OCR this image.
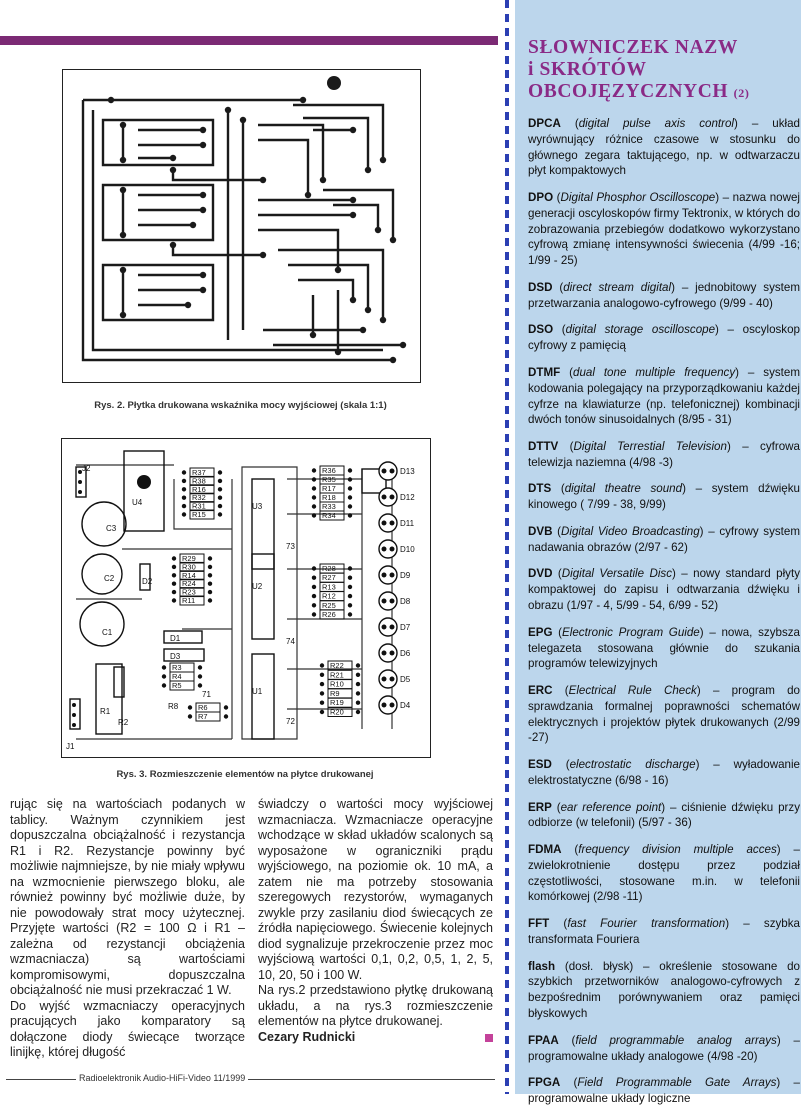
Rys. 2. Płytka drukowana wskaźnika mocy wyjściowej (skala 1:1)
J2
J1
U4	U3
U2
U1
C3
C2
C1
R1
R2
R8
D1
D3
D2
71
72
73
74
R37
R38
R16
R32
R31
R15
R36
R35
R17
R18
R33
R34
R29
R30
R14
R24
R23
R11
R28
R27
R13
R12
R25
R26
R3
R4
R5
R6
R7
R22
R21
R10
R9
R19
R20
D13
D12
D11
D10
D9
D8
D7
D6
D5
D4
Rys. 3. Rozmieszczenie elementów na płytce drukowanej

rując się na wartościach podanych w tablicy. Ważnym czynnikiem jest dopuszczalna obciążalność i rezystancja R1 i R2. Rezystancje powinny być możliwie najmniejsze, by nie miały wpływu na wzmocnienie pierwszego bloku, ale również powinny być możliwie duże, by nie powodowały strat mocy użytecznej. Przyjęte wartości (R2 = 100 Ω i R1 – zależna od rezystancji obciążenia wzmacniacza) są wartościami kompromisowymi, dopuszczalna obciążalność nie musi przekraczać 1 W.

Do wyjść wzmacniaczy operacyjnych pracujących jako komparatory są dołączone diody świecące tworzące linijkę, której długość

świadczy o wartości mocy wyjściowej wzmacniacza. Wzmacniacze operacyjne wchodzące w skład układów scalonych są wyposażone w ograniczniki prądu wyjściowego, na poziomie ok. 10 mA, a zatem nie ma potrzeby stosowania szeregowych rezystorów, wymaganych zwykle przy zasilaniu diod świecących ze źródła napięciowego. Świecenie kolejnych diod sygnalizuje przekroczenie przez moc wyjściową wartości 0,1, 0,2, 0,5, 1, 2, 5, 10, 20, 50 i 100 W.

Na rys.2 przedstawiono płytkę drukowaną układu, a na rys.3 rozmieszczenie elementów na płytce drukowanej.

Cezary Rudnicki

Radioelektronik Audio-HiFi-Video 11/1999
SŁOWNICZEK NAZW
i SKRÓTÓW
OBCOJĘZYCZNYCH (2)
DPCA (digital pulse axis control) – układ wyrównujący różnice czasowe w stosunku do głównego zegara taktującego, np. w odtwarzaczu płyt kompaktowych
DPO (Digital Phosphor Oscilloscope) – nazwa nowej generacji oscyloskopów firmy Tektronix, w których do zobrazowania przebiegów dodatkowo wykorzystano cyfrową zmianę intensywności świecenia (4/99 -16; 1/99 - 25)
DSD (direct stream digital) – jednobitowy system przetwarzania analogowo-cyfrowego (9/99 - 40)
DSO (digital storage oscilloscope) – oscyloskop cyfrowy z pamięcią
DTMF (dual tone multiple frequency) – system kodowania polegający na przyporządkowaniu każdej cyfrze na klawiaturze (np. telefonicznej) kombinacji dwóch tonów sinusoidalnych (8/95 - 31)
DTTV (Digital Terrestial Television) – cyfrowa telewizja naziemna (4/98 -3)
DTS (digital theatre sound) – system dźwięku kinowego ( 7/99 - 38, 9/99)
DVB (Digital Video Broadcasting) – cyfrowy system nadawania obrazów (2/97 - 62)
DVD (Digital Versatile Disc) – nowy standard płyty kompaktowej do zapisu i odtwarzania dźwięku i obrazu (1/97 - 4, 5/99 - 54, 6/99 - 52)
EPG (Electronic Program Guide) – nowa, szybsza telegazeta stosowana głównie do szukania programów telewizyjnych
ERC (Electrical Rule Check) – program do sprawdzania formalnej poprawności schematów elektrycznych i projektów płytek drukowanych (2/99 -27)
ESD (electrostatic discharge) – wyładowanie elektrostatyczne (6/98 - 16)
ERP (ear reference point) – ciśnienie dźwięku przy odbiorze (w telefonii) (5/97 - 36)
FDMA (frequency division multiple acces) – zwielokrotnienie dostępu przez podział częstotliwości, stosowane m.in. w telefonii komórkowej (2/98 -11)
FFT (fast Fourier transformation) – szybka transformata Fouriera
flash (dosł. błysk) – określenie stosowane do szybkich przetworników analogowo-cyfrowych z bezpośrednim porównywaniem oraz pamięci błyskowych
FPAA (field programmable analog arrays) – programowalne układy analogowe (4/98 -20)
FPGA (Field Programmable Gate Arrays) – programowalne układy logiczne
